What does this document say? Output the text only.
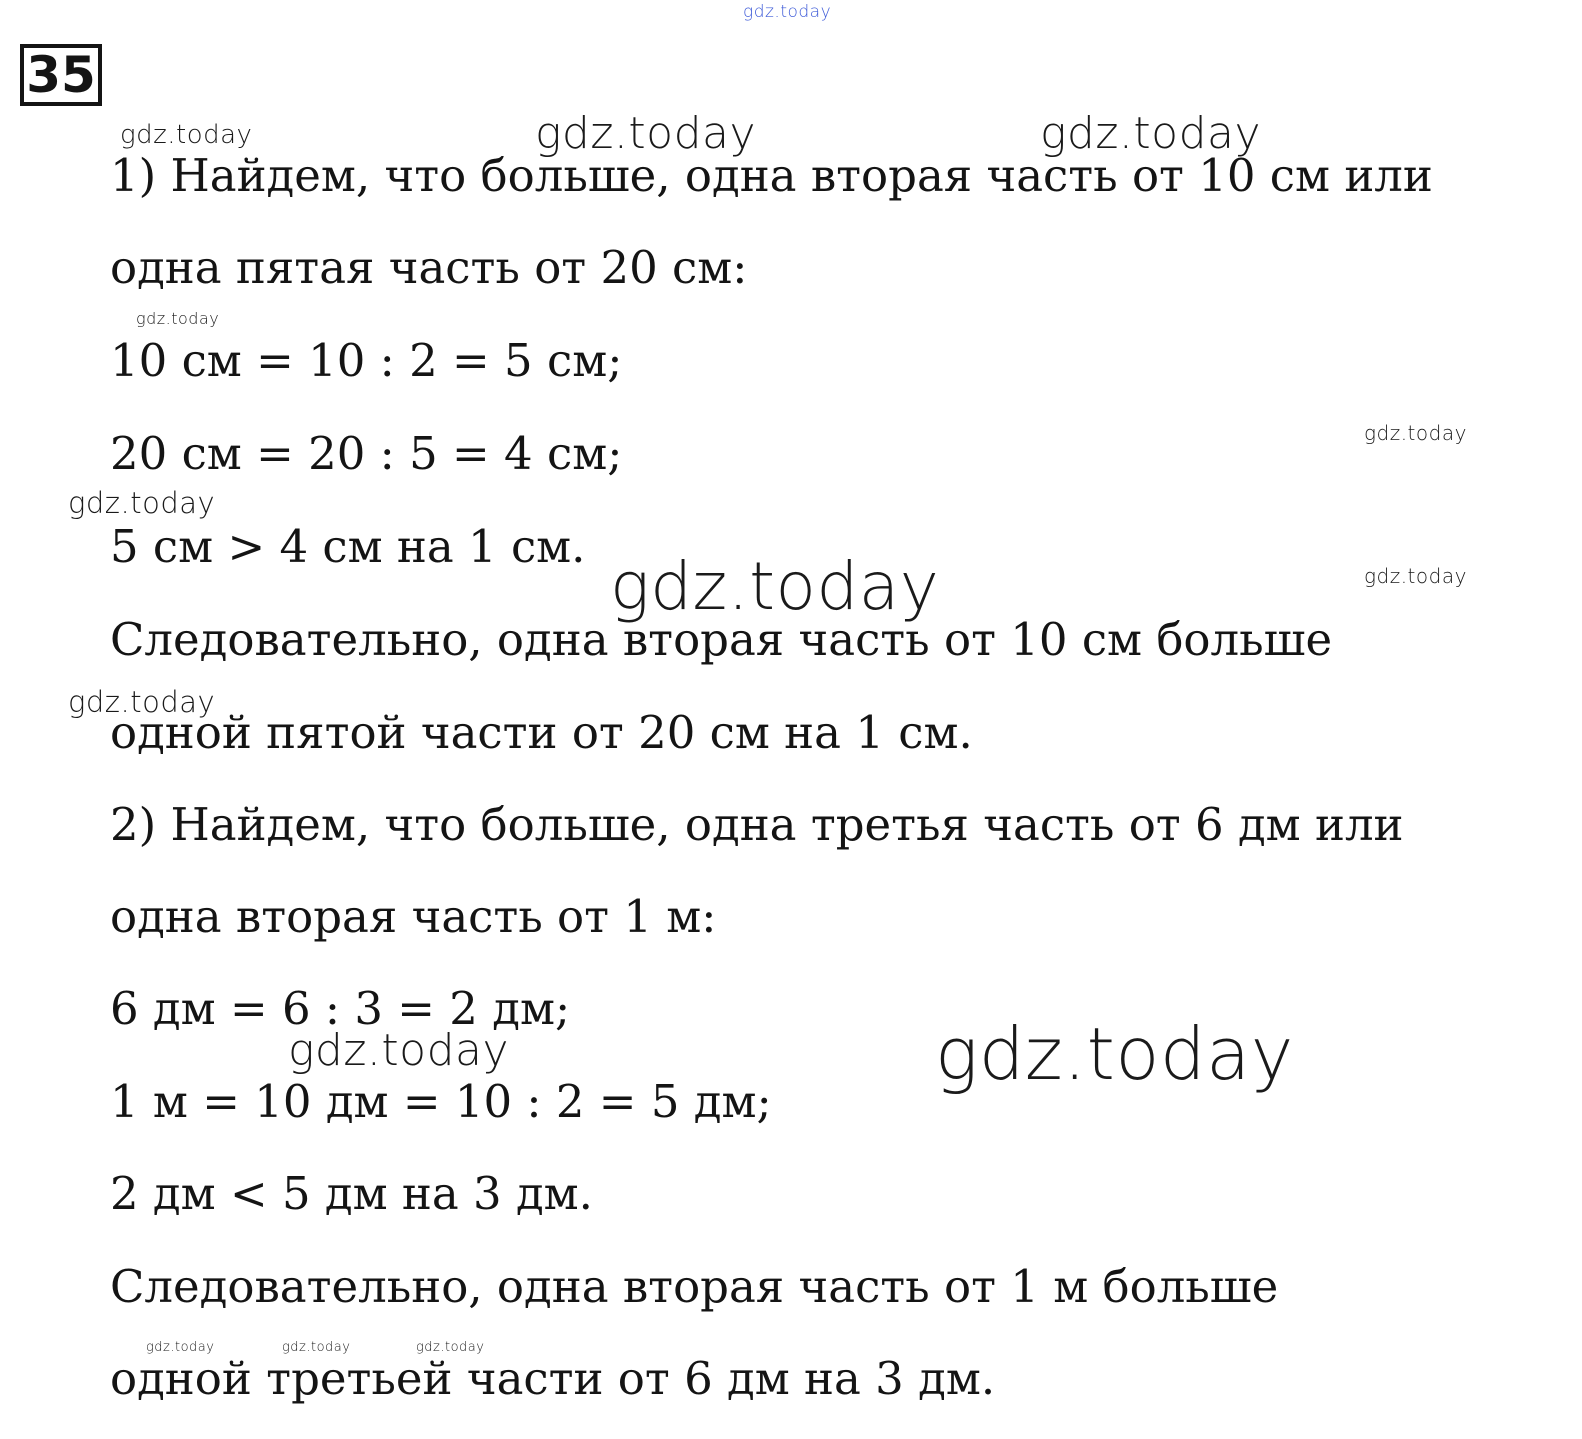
35
1) Найдем, что больше, одна вторая часть от 10 см или
одна пятая часть от 20 см:
10 см = 10 : 2 = 5 см;
20 см = 20 : 5 = 4 см;
5 см > 4 см на 1 см.
Следовательно, одна вторая часть от 10 см больше
одной пятой части от 20 см на 1 см.
2) Найдем, что больше, одна третья часть от 6 дм или
одна вторая часть от 1 м:
6 дм = 6 : 3 = 2 дм;
1 м = 10 дм = 10 : 2 = 5 дм;
2 дм < 5 дм на 3 дм.
Следовательно, одна вторая часть от 1 м больше
одной третьей части от 6 дм на 3 дм.
gdz.today
gdz.today	gdz.today	gdz.today
gdz.today
gdz.today
gdz.today
gdz.today	gdz.today
gdz.today
gdz.today	gdz.today
gdz.today	gdz.today	gdz.today
